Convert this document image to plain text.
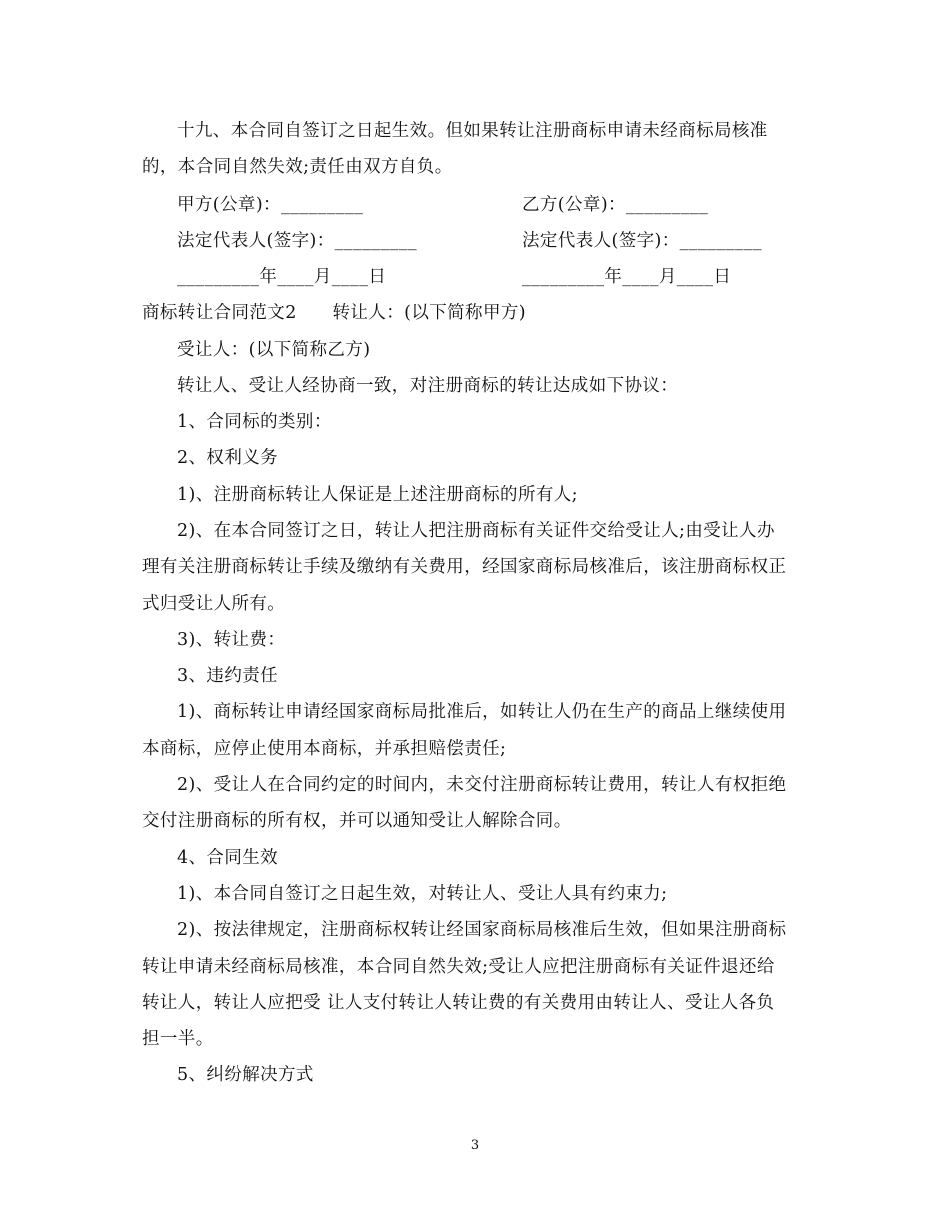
十九、本合同自签订之日起生效。但如果转让注册商标申请未经商标局核准
的，本合同自然失效;责任由双方自负。
甲方(公章)：_________	乙方(公章)：_________
法定代表人(签字)：_________	法定代表人(签字)：_________
_________年____月____日	_________年____月____日
商标转让合同范文2　　转让人：(以下简称甲方)
受让人：(以下简称乙方)
转让人、受让人经协商一致，对注册商标的转让达成如下协议：
1、合同标的类别：
2、权利义务
1)、注册商标转让人保证是上述注册商标的所有人;
2)、在本合同签订之日，转让人把注册商标有关证件交给受让人;由受让人办
理有关注册商标转让手续及缴纳有关费用，经国家商标局核准后，该注册商标权正
式归受让人所有。
3)、转让费：
3、违约责任
1)、商标转让申请经国家商标局批准后，如转让人仍在生产的商品上继续使用
本商标，应停止使用本商标，并承担赔偿责任;
2)、受让人在合同约定的时间内，未交付注册商标转让费用，转让人有权拒绝
交付注册商标的所有权，并可以通知受让人解除合同。
4、合同生效
1)、本合同自签订之日起生效，对转让人、受让人具有约束力;
2)、按法律规定，注册商标权转让经国家商标局核准后生效，但如果注册商标
转让申请未经商标局核准，本合同自然失效;受让人应把注册商标有关证件退还给
转让人，转让人应把受 让人支付转让人转让费的有关费用由转让人、受让人各负
担一半。
5、纠纷解决方式
3
